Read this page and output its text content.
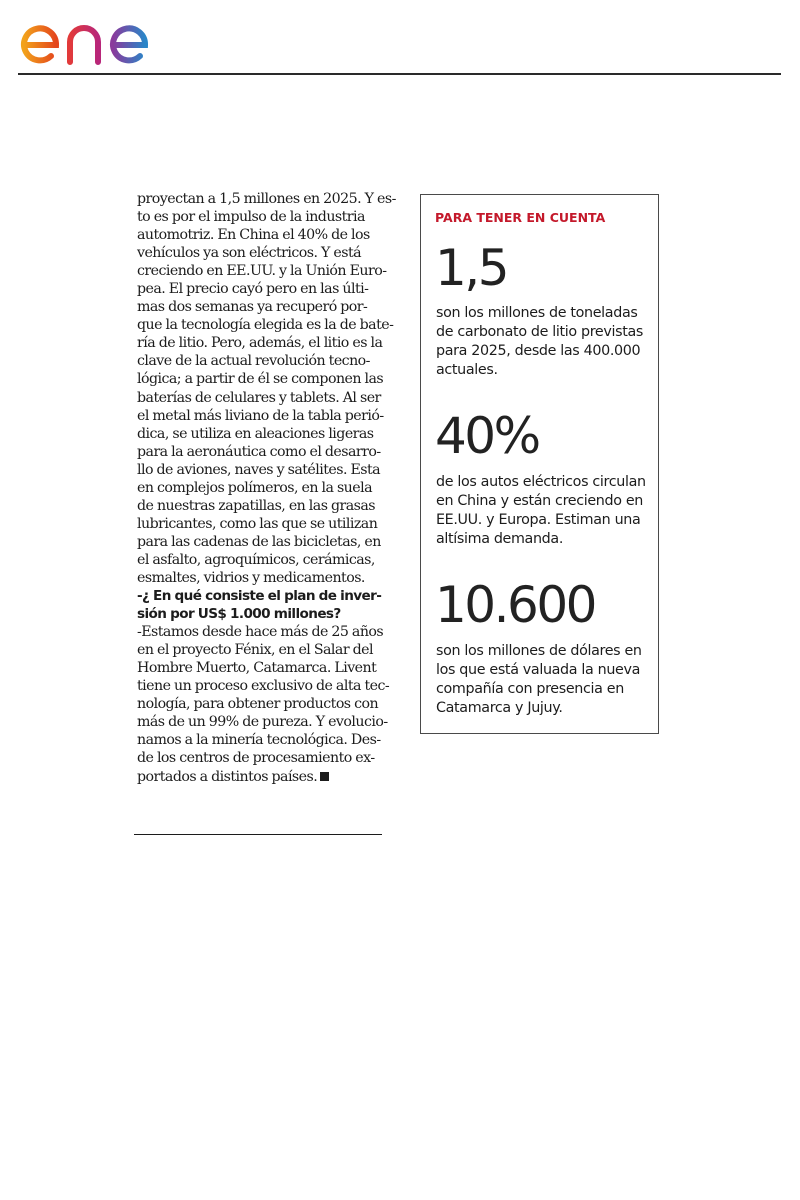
proyectan a 1,5 millones en 2025. Y es-
to es por el impulso de la industria
automotriz. En China el 40% de los
vehículos ya son eléctricos. Y está
creciendo en EE.UU. y la Unión Euro-
pea. El precio cayó pero en las últi-
mas dos semanas ya recuperó por-
que la tecnología elegida es la de bate-
ría de litio. Pero, además, el litio es la
clave de la actual revolución tecno-
lógica; a partir de él se componen las
baterías de celulares y tablets. Al ser
el metal más liviano de la tabla perió-
dica, se utiliza en aleaciones ligeras
para la aeronáutica como el desarro-
llo de aviones, naves y satélites. Esta
en complejos polímeros, en la suela
de nuestras zapatillas, en las grasas
lubricantes, como las que se utilizan
para las cadenas de las bicicletas, en
el asfalto, agroquímicos, cerámicas,
esmaltes, vidrios y medicamentos.
-¿ En qué consiste el plan de inver-
sión por US$ 1.000 millones?
-Estamos desde hace más de 25 años
en el proyecto Fénix, en el Salar del
Hombre Muerto, Catamarca. Livent
tiene un proceso exclusivo de alta tec-
nología, para obtener productos con
más de un 99% de pureza. Y evolucio-
namos a la minería tecnológica. Des-
de los centros de procesamiento ex-
portados a distintos países.
PARA TENER EN CUENTA
1,5
son los millones de toneladas
de carbonato de litio previstas
para 2025, desde las 400.000
actuales.
40%
de los autos eléctricos circulan
en China y están creciendo en
EE.UU. y Europa. Estiman una
altísima demanda.
10.600
son los millones de dólares en
los que está valuada la nueva
compañía con presencia en
Catamarca y Jujuy.
